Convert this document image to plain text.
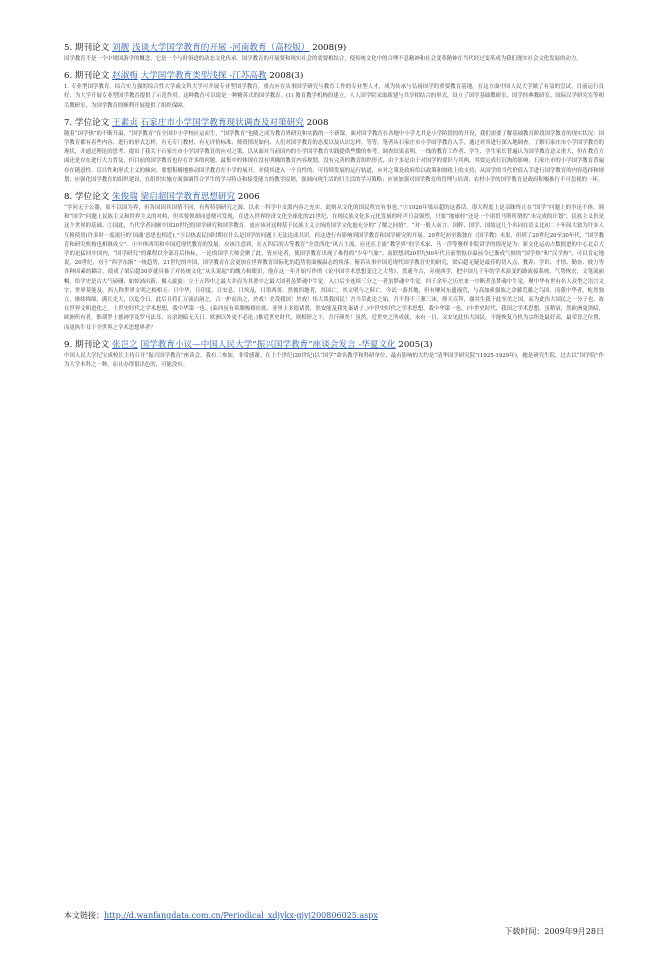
5. 期刊论文 刘靓 浅谈大学国学教育的开展 -河南教育（高校版） 2008(9)
国学教育不是一个中规国游学的概念，它是一个与时俱进的动态文化传承。国学教育的开展要和现实社会的需要相结合，使传统文化中的合理不息精神和社会变革精神在当代经过变革成为我们现实社会文化发展的动力。
6. 期刊论文 赵淑梅 大学国学教育类型浅探 -江苏高教 2008(3)
1. 专业型国学教育。综合实力强的综合性大学或文科大学可开展专业型国学教育，重点应在从事国学研究与教育工作的专业型人才，成为传承与弘扬国学的重要教育基地。在这方面中国人民大学做了有益的尝试。目前运行良好，为大学开展专业型国学教育提供了示范作用。这种教育可以说是一种精英式的国学教育。(1) 教育教学机构的建立。人人国学院采取新建与共享相结合的形式，设立了国学基础教研室、国学经典教研室、国际汉学研究室等相关教研室，为国学教育的顺利开展提供了组织保障。
7. 学位论文 王素贞 石家庄市小学国学教育现状调查及对策研究 2008
随着“国学热”的不断升温，“国学教育”在全国中小学校应运而生，“国学教育”也随之成为教育界研究和实践的一个新课。面对国学教育在各地中小学尤其是小学阶段的的开设，我们需要了解基础教育阶段国学教育的现实状况：国学教育都有着些内容、进行的形式怎样，有无专门教材、有无评价标准、师资情况如何、人们对国学教育的态度以及认识怎样，等等。笔者从石家庄市小学国学教育入手，通过对其进行深入地调查，了解石家庄市小学国学教育的现状，并通过理论的思考，提出了我关于石家庄市小学国学教育的应对之策，以从面对当前国内的小学国学教育实践提供些微的参考。调查结果表明，一线的教育工作者、学生、学生家长普遍认为国学教育意义重大，但在教育方面还是存在进行大力普及，但目前的国学教育也存在许多的问题，最集中的体现在没有明确的教育内容规划，没有完善的教育组织形式，由于多是由于对国学的要识与其两，其要定成行沉淘的影响，石家庄市的小学国学教育普遍存在随意性、盲目性和形式主义的倾向。要想积极地推动国学教育在小学的展开，并使其进入一个良性的、可持续发展的运行轨道，应对之策是政府给以政策和财政上的支持；从国学的当代价值入手进行国学教育的内容选择和规划；应强化国学教育的组织建设，在组织实施方面强调符合学生的学习特点和接受能力的教学原则，强调向现生活的归主活的学习策略；应该加强对国学教育的管理与培训；农村小学的国学教育是政府积极推行不可忽视的一环。
8. 学位论文 朱俊瑞 梁启超国学教育思想研究 2006
“学问无于公器，原不以国为界，但各国因其国情不同，有所特别研究之源，以求一科学中支派内容之充实，此则从文化的国民所宜有事也。”①1926年梁启超的这番话，很大程度上是亲睐终止在“国学”问题上的争论不休，调和“国学”问题上民族主义和世界主义的对峙，但其要领却同意便可发现，在进入世界经济文化全球化的21世纪，在现民族文化多元化发展的呼声日益强烈，只要“地球村”还是一个诸贯马斯所谓的“未完成的计划”，民族主义仍是这个世界的基础。②国此，当代学者同顾中国20世纪的国学研究和国学教育，更应该对这种基于民族主义立场的国学文化抱充分的“了解之同情”。“对一般人而言，国粹、国学、国故这几个名词在语义比初二十年间大致为许多人互换使用(许多时一度流行的‘国魂’意思也相近)。”③以热衷民国时期在什么是国学的问题上无法达成共识，但这进行有影响到国学教育和国学研究的开展。20世纪初至陈独在《国学教》未果，但到了20世纪20至30年代，“国学教育和研究机构也相继成立”。④中体西用和中国近现代教育的发展，应该注意到，在五四后的古等教育“全盘西化”风占主流，应还在主流“教学界”的学术家、马一浮等聚样非院讲学的情况是为：新文化运动占数据进的中心北京大学的迅猛回中国内，“国学研究”的课程以全部育后指标，一论的国学大师会聚了此，皆应论者，使国学教育出现了难得的“少年气象”；而联想到20世纪90年代日前惜惦存温前令已渐成气候的“国学热”和“汉学热”，可以肯定地说，20世纪，对于“西学东渐”一统趋势，21世纪的中国，国学教育在会更加在世界教育国际化的趋势将面极温志的角落。俯若从事中国近现代国学教育史的研究，梁启超无疑是最佳的切入点，教养、学识、才情、勤奋、彼力等各种因素的耦合，使成了梁启超30岁就具备了对传统文化“从头说起”的魄力和眼识，他在这一年开始写作的《论中国学术思想变迁之大势》，贯通今古，旁视西学，把中国几千年的学术演变的路流接系统，气势恢宏，文笔流丽暢，给学史是古大气磅礴，如惊涌出新，摄人旋旋；立于五四中之最大并而为其著中之最大国者虽梦魂中牛觉。入口后全连续三分之一者虽梦魂中牛觉。四千余年之历史来一中断者虽梦魂中牛觉。聚中华有世有名人众型之语言文字，世界莫能及，西人称世界文明之相相五：日中华，日印度，日安息，日埃及，日墨西哥。然彼四地者，其国亡，其文明与之俱亡。今试一游其地，但有摩河东遗漫荒，与高加索强族之余藤荒藤之鸟国，而我中华者，屹然独立，继续绵绵，满长光大，以迄今日。此后且将汇万流而洞之，合一炉而治之，於戏！美哉我国！於戏！伟大哉我国民！吾当草此论之始，吾不得不三薰三沐，仰天百拜，谢其生我于此至美之国，而为此伟大国民之一分子也。故在世界文明进化之，上世史时代之学术思想，我中华第一也。(泰西虽有希腊梭格拉底、亚里士多德诸贤，然安能及我先秦诸子。)中世史时代之学术思想，我中华第一也。(中世史时代，我国之学术思想，虽稍衰，然欧洲更黑暗，欧洲所有者，惟琐罗士德神学及罗马法耳，自余则暗无天日。欧洲以外更不必论。)惟近世史时代，则相形之下，吾汗颜矣！虽然，近世史之所成就，未有一日，又安见此伟大国民，不能恢复乃机为宗所处最好高，最荣誉之位置，而更执牛耳于全世界之学术思想界者？
9. 期刊论文 张岂之 国学教育小议—中国人民大学“振兴国学教育”座谈会发言 -华夏文化 2005(3)
中国人民大学纪宝成校长主持召开“振兴国学教育”座谈会，我有三参加，非常感谢。在上个世纪(20世纪)以“国学”命名教学和科研单位，最有影响的大约是“清华国学研究院”(1925-1929年)，她是研究生院，过去以“国学院”作为大学本科之一种，而且办得很出色的，可能没有。
本文链接：http://d.wanfangdata.com.cn/Periodical_xdjykx-gjyj200806025.aspx
下载时间：2009年9月28日
